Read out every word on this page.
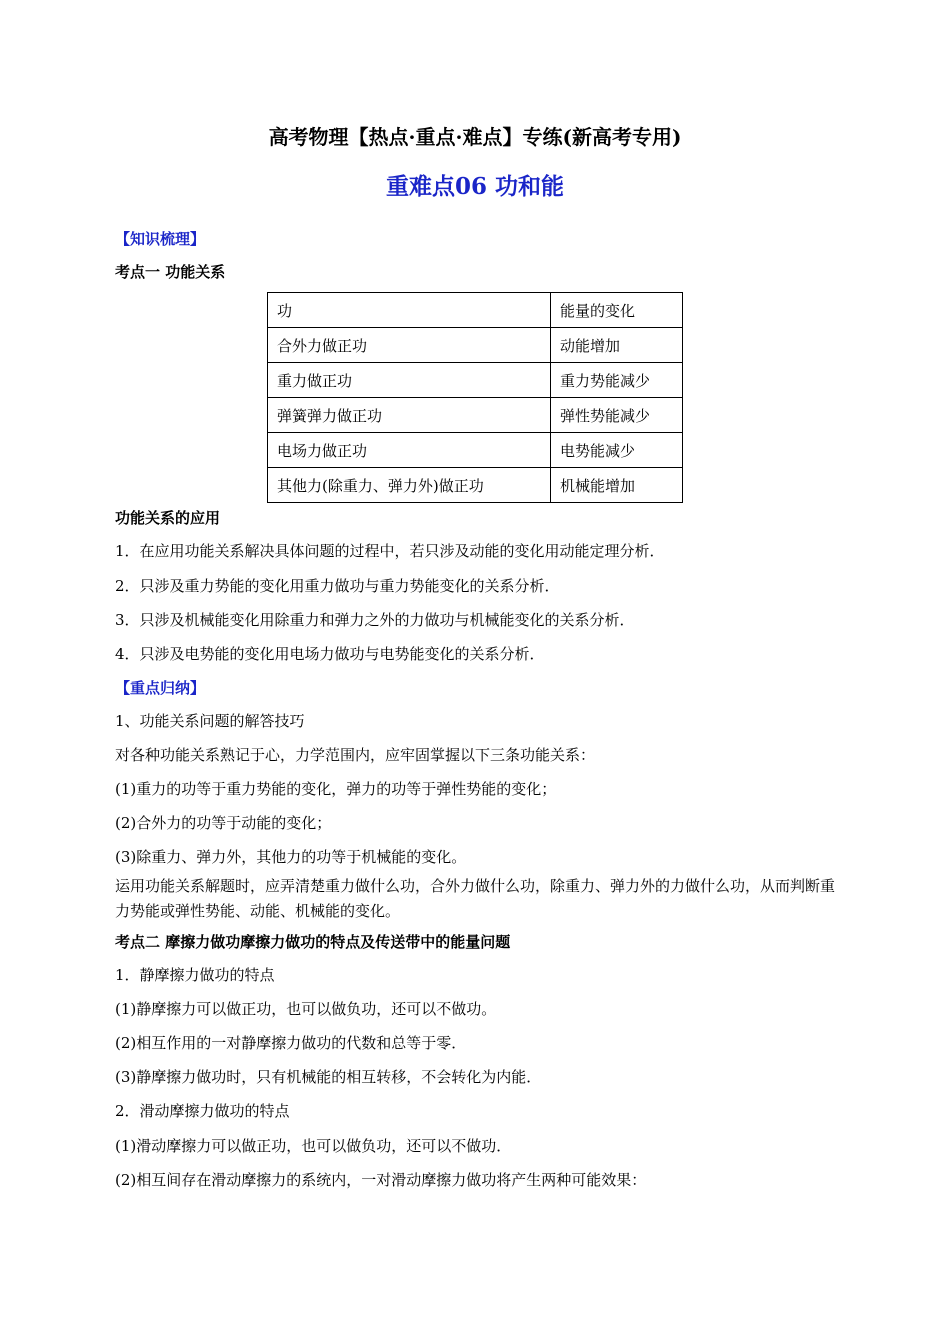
高考物理【热点·重点·难点】专练(新高考专用)
重难点06 功和能
【知识梳理】
考点一 功能关系
功	能量的变化
合外力做正功	动能增加
重力做正功	重力势能减少
弹簧弹力做正功	弹性势能减少
电场力做正功	电势能减少
其他力(除重力、弹力外)做正功	机械能增加
功能关系的应用
1．在应用功能关系解决具体问题的过程中，若只涉及动能的变化用动能定理分析．
2．只涉及重力势能的变化用重力做功与重力势能变化的关系分析．
3．只涉及机械能变化用除重力和弹力之外的力做功与机械能变化的关系分析．
4．只涉及电势能的变化用电场力做功与电势能变化的关系分析．
【重点归纳】
1、功能关系问题的解答技巧
对各种功能关系熟记于心，力学范围内，应牢固掌握以下三条功能关系：
(1)重力的功等于重力势能的变化，弹力的功等于弹性势能的变化；
(2)合外力的功等于动能的变化；
(3)除重力、弹力外，其他力的功等于机械能的变化。
运用功能关系解题时，应弄清楚重力做什么功，合外力做什么功，除重力、弹力外的力做什么功，从而判断重力势能或弹性势能、动能、机械能的变化。
考点二 摩擦力做功摩擦力做功的特点及传送带中的能量问题
1．静摩擦力做功的特点
(1)静摩擦力可以做正功，也可以做负功，还可以不做功。
(2)相互作用的一对静摩擦力做功的代数和总等于零．
(3)静摩擦力做功时，只有机械能的相互转移，不会转化为内能．
2．滑动摩擦力做功的特点
(1)滑动摩擦力可以做正功，也可以做负功，还可以不做功．
(2)相互间存在滑动摩擦力的系统内，一对滑动摩擦力做功将产生两种可能效果：
